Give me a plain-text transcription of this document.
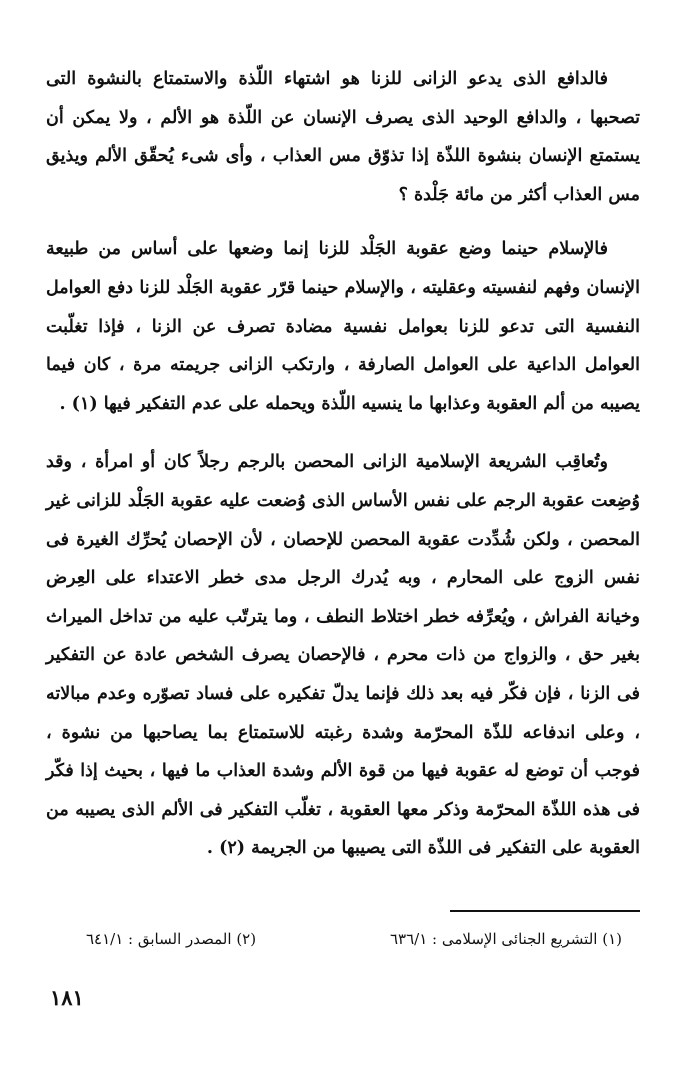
فالدافع الذى يدعو الزانى للزنا هو اشتهاء اللّذة والاستمتاع بالنشوة التى تصحبها ، والدافع الوحيد الذى يصرف الإنسان عن اللّذة هو الألم ، ولا يمكن أن يستمتع الإنسان بنشوة اللذّة إذا تذوّق مس العذاب ، وأى شىء يُحقّق الألم ويذيق مس العذاب أكثر من مائة جَلْدة ؟

فالإسلام حينما وضع عقوبة الجَلْد للزنا إنما وضعها على أساس من طبيعة الإنسان وفهم لنفسيته وعقليته ، والإسلام حينما قرّر عقوبة الجَلْد للزنا دفع العوامل النفسية التى تدعو للزنا بعوامل نفسية مضادة تصرف عن الزنا ، فإذا تغلّبت العوامل الداعية على العوامل الصارفة ، وارتكب الزانى جريمته مرة ، كان فيما يصيبه من ألم العقوبة وعذابها ما ينسيه اللّذة ويحمله على عدم التفكير فيها (١) .

وتُعاقِب الشريعة الإسلامية الزانى المحصن بالرجم رجلاً كان أو امرأة ، وقد وُضِعت عقوبة الرجم على نفس الأساس الذى وُضعت عليه عقوبة الجَلْد للزانى غير المحصن ، ولكن شُدِّدت عقوبة المحصن للإحصان ، لأن الإحصان يُحرِّك الغيرة فى نفس الزوج على المحارم ، وبه يُدرك الرجل مدى خطر الاعتداء على العِرض وخيانة الفراش ، ويُعرِّفه خطر اختلاط النطف ، وما يترتّب عليه من تداخل الميراث بغير حق ، والزواج من ذات محرم ، فالإحصان يصرف الشخص عادة عن التفكير فى الزنا ، فإن فكّر فيه بعد ذلك فإنما يدلّ تفكيره على فساد تصوّره وعدم مبالاته ، وعلى اندفاعه للذّة المحرّمة وشدة رغبته للاستمتاع بما يصاحبها من نشوة ، فوجب أن توضع له عقوبة فيها من قوة الألم وشدة العذاب ما فيها ، بحيث إذا فكّر فى هذه اللذّة المحرّمة وذكر معها العقوبة ، تغلّب التفكير فى الألم الذى يصيبه من العقوبة على التفكير فى اللذّة التى يصيبها من الجريمة (٢) .

(١) التشريع الجنائى الإسلامى : ٦٣٦/١
(٢) المصدر السابق : ٦٤١/١
١٨١
